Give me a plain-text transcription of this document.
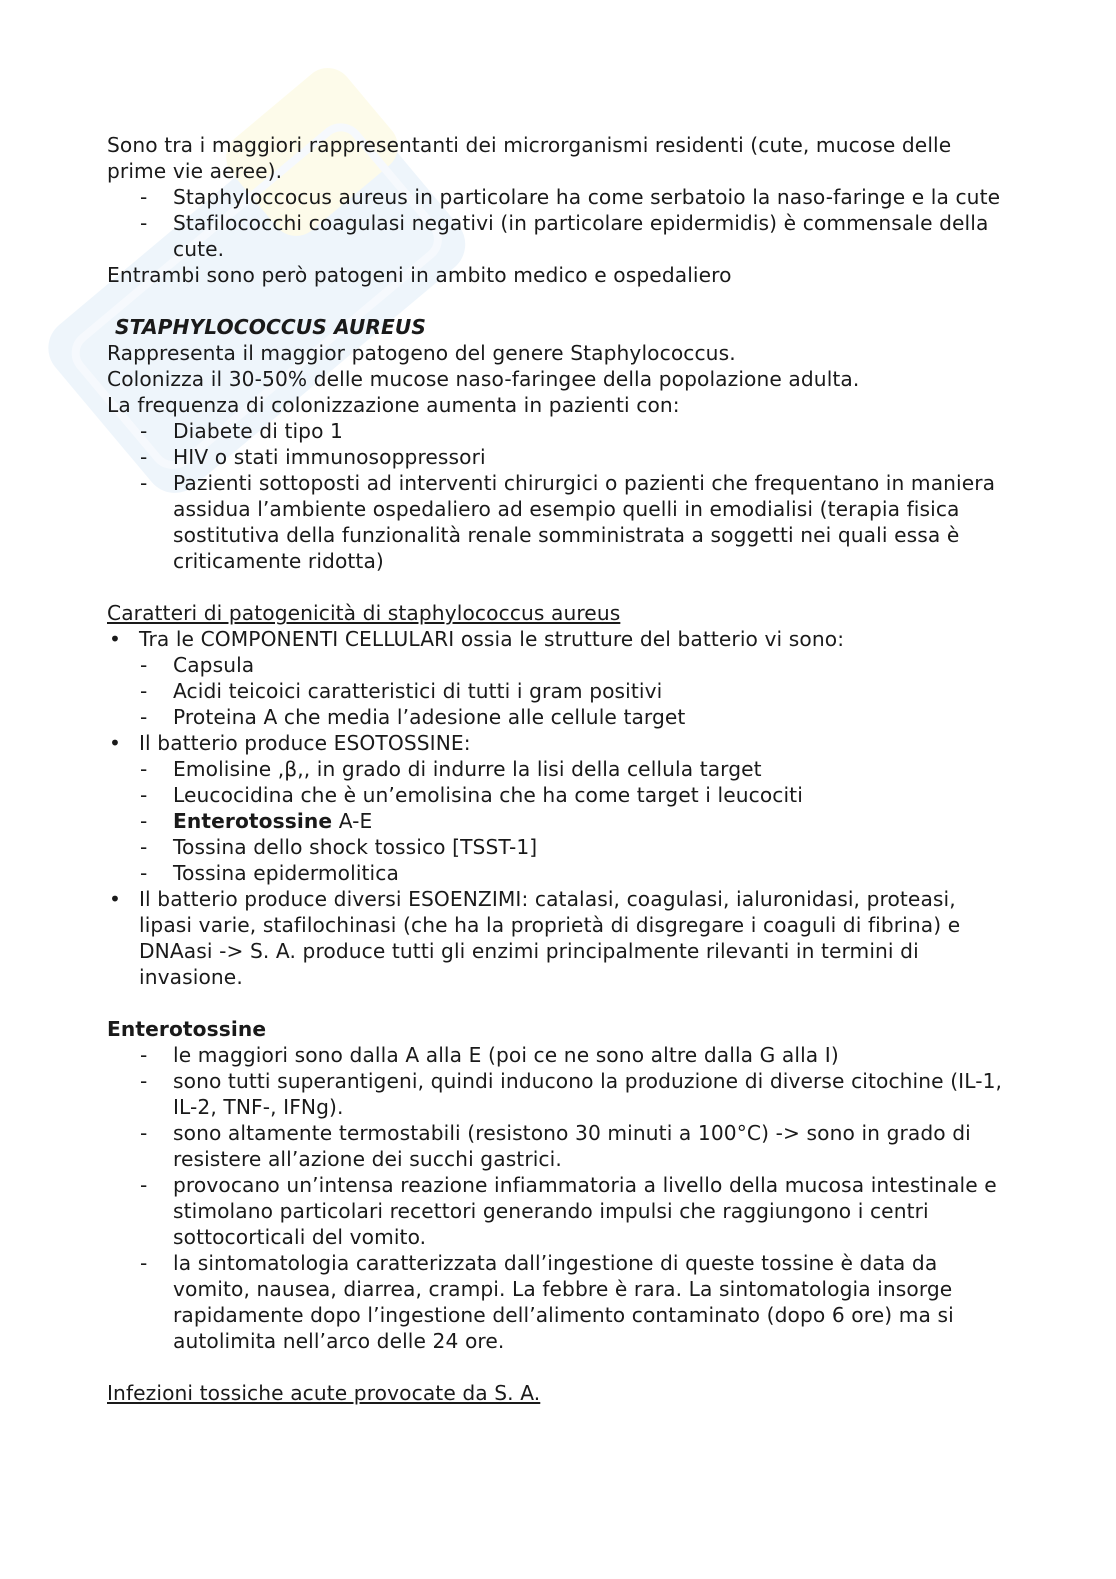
Sono tra i maggiori rappresentanti dei microrganismi residenti (cute, mucose delle prime vie aeree).

- Staphyloccocus aureus in particolare ha come serbatoio la naso-faringe e la cute
- Stafilococchi coagulasi negativi (in particolare epidermidis) è commensale della cute.

Entrambi sono però patogeni in ambito medico e ospedaliero

STAPHYLOCOCCUS AUREUS

Rappresenta il maggior patogeno del genere Staphylococcus.

Colonizza il 30-50% delle mucose naso-faringee della popolazione adulta.

La frequenza di colonizzazione aumenta in pazienti con:

- Diabete di tipo 1
- HIV o stati immunosoppressori
- Pazienti sottoposti ad interventi chirurgici o pazienti che frequentano in maniera assidua l’ambiente ospedaliero ad esempio quelli in emodialisi (terapia fisica sostitutiva della funzionalità renale somministrata a soggetti nei quali essa è criticamente ridotta)

Caratteri di patogenicità di staphylococcus aureus

• Tra le COMPONENTI CELLULARI ossia le strutture del batterio vi sono:
- Capsula
- Acidi teicoici caratteristici di tutti i gram positivi
- Proteina A che media l’adesione alle cellule target
• Il batterio produce ESOTOSSINE:
- Emolisine ,β,, in grado di indurre la lisi della cellula target
- Leucocidina che è un’emolisina che ha come target i leucociti
- Enterotossine A-E
- Tossina dello shock tossico [TSST-1]
- Tossina epidermolitica
• Il batterio produce diversi ESOENZIMI: catalasi, coagulasi, ialuronidasi, proteasi, lipasi varie, stafilochinasi (che ha la proprietà di disgregare i coaguli di fibrina) e DNAasi -> S. A. produce tutti gli enzimi principalmente rilevanti in termini di invasione.

Enterotossine

- le maggiori sono dalla A alla E (poi ce ne sono altre dalla G alla I)
- sono tutti superantigeni, quindi inducono la produzione di diverse citochine (IL-1, IL-2, TNF-, IFNg).
- sono altamente termostabili (resistono 30 minuti a 100°C) -> sono in grado di resistere all’azione dei succhi gastrici.
- provocano un’intensa reazione infiammatoria a livello della mucosa intestinale e stimolano particolari recettori generando impulsi che raggiungono i centri sottocorticali del vomito.
- la sintomatologia caratterizzata dall’ingestione di queste tossine è data da vomito, nausea, diarrea, crampi. La febbre è rara. La sintomatologia insorge rapidamente dopo l’ingestione dell’alimento contaminato (dopo 6 ore) ma si autolimita nell’arco delle 24 ore.

Infezioni tossiche acute provocate da S. A.
